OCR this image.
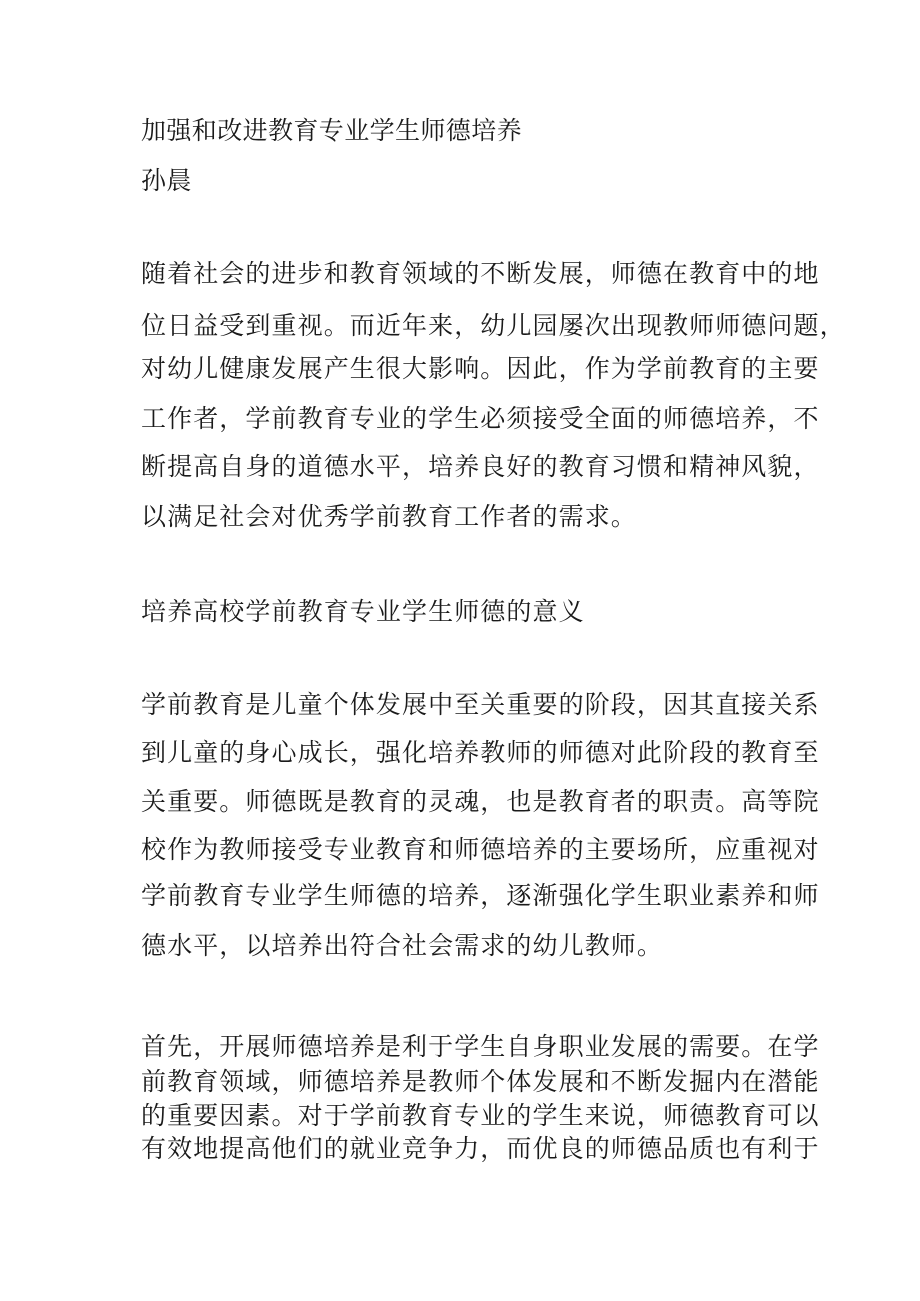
加强和改进教育专业学生师德培养
孙晨
随着社会的进步和教育领域的不断发展，师德在教育中的地
位日益受到重视。而近年来，幼儿园屡次出现教师师德问题，
对幼儿健康发展产生很大影响。因此，作为学前教育的主要
工作者，学前教育专业的学生必须接受全面的师德培养，不
断提高自身的道德水平，培养良好的教育习惯和精神风貌，
以满足社会对优秀学前教育工作者的需求。
培养高校学前教育专业学生师德的意义
学前教育是儿童个体发展中至关重要的阶段，因其直接关系
到儿童的身心成长，强化培养教师的师德对此阶段的教育至
关重要。师德既是教育的灵魂，也是教育者的职责。高等院
校作为教师接受专业教育和师德培养的主要场所，应重视对
学前教育专业学生师德的培养，逐渐强化学生职业素养和师
德水平，以培养出符合社会需求的幼儿教师。
首先，开展师德培养是利于学生自身职业发展的需要。在学
前教育领域，师德培养是教师个体发展和不断发掘内在潜能
的重要因素。对于学前教育专业的学生来说，师德教育可以
有效地提高他们的就业竞争力，而优良的师德品质也有利于
